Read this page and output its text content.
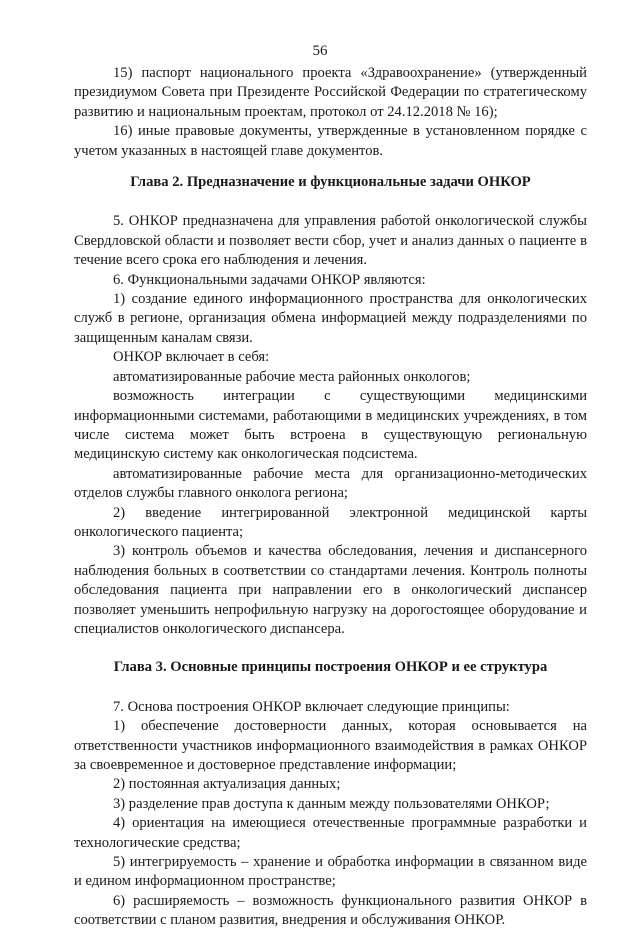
56

15) паспорт национального проекта «Здравоохранение» (утвержденный президиумом Совета при Президенте Российской Федерации по стратегическому развитию и национальным проектам, протокол от 24.12.2018 № 16);

16) иные правовые документы, утвержденные в установленном порядке с учетом указанных в настоящей главе документов.

Глава 2. Предназначение и функциональные задачи ОНКОР

5. ОНКОР предназначена для управления работой онкологической службы Свердловской области и позволяет вести сбор, учет и анализ данных о пациенте в течение всего срока его наблюдения и лечения.

6. Функциональными задачами ОНКОР являются:

1) создание единого информационного пространства для онкологических служб в регионе, организация обмена информацией между подразделениями по защищенным каналам связи.

ОНКОР включает в себя:

автоматизированные рабочие места районных онкологов;

возможность интеграции с существующими медицинскими информационными системами, работающими в медицинских учреждениях, в том числе система может быть встроена в существующую региональную медицинскую систему как онкологическая подсистема.

автоматизированные рабочие места для организационно-методических отделов службы главного онколога региона;

2) введение интегрированной электронной медицинской карты онкологического пациента;

3) контроль объемов и качества обследования, лечения и диспансерного наблюдения больных в соответствии со стандартами лечения. Контроль полноты обследования пациента при направлении его в онкологический диспансер позволяет уменьшить непрофильную нагрузку на дорогостоящее оборудование и специалистов онкологического диспансера.

Глава 3. Основные принципы построения ОНКОР и ее структура

7. Основа построения ОНКОР включает следующие принципы:

1) обеспечение достоверности данных, которая основывается на ответственности участников информационного взаимодействия в рамках ОНКОР за своевременное и достоверное представление информации;

2) постоянная актуализация данных;

3) разделение прав доступа к данным между пользователями ОНКОР;

4) ориентация на имеющиеся отечественные программные разработки и технологические средства;

5) интегрируемость – хранение и обработка информации в связанном виде и едином информационном пространстве;

6) расширяемость – возможность функционального развития ОНКОР в соответствии с планом развития, внедрения и обслуживания ОНКОР.
